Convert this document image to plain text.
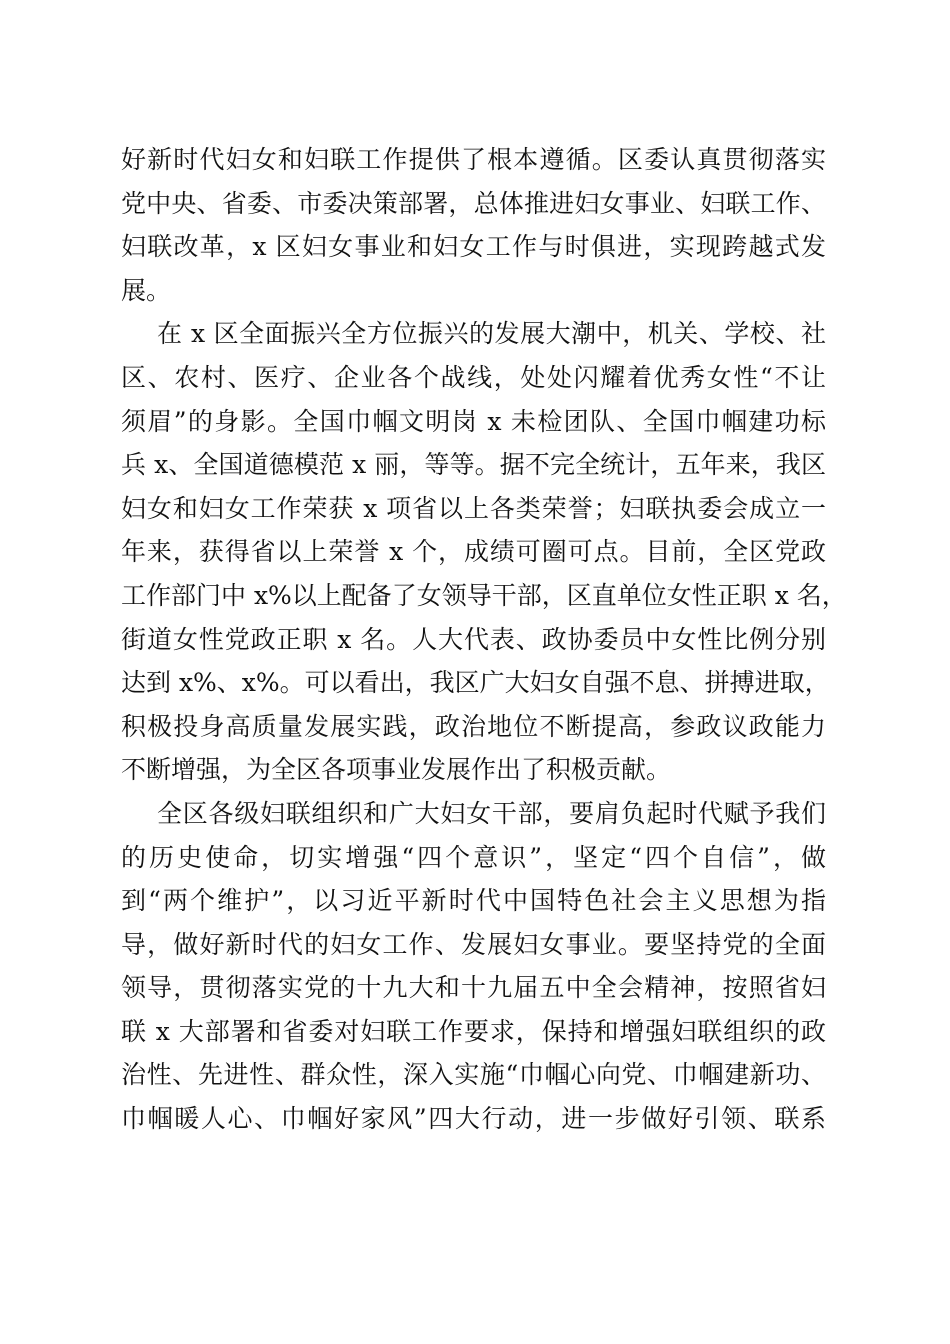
好新时代妇女和妇联工作提供了根本遵循。区委认真贯彻落实
党中央、省委、市委决策部署，总体推进妇女事业、妇联工作、
妇联改革，x 区妇女事业和妇女工作与时俱进，实现跨越式发
展。
在 x 区全面振兴全方位振兴的发展大潮中，机关、学校、社
区、农村、医疗、企业各个战线，处处闪耀着优秀女性“不让
须眉”的身影。全国巾帼文明岗 x 未检团队、全国巾帼建功标
兵 x、全国道德模范 x 丽，等等。据不完全统计，五年来，我区
妇女和妇女工作荣获 x 项省以上各类荣誉；妇联执委会成立一
年来，获得省以上荣誉 x 个，成绩可圈可点。目前，全区党政
工作部门中 x%以上配备了女领导干部，区直单位女性正职 x 名，
街道女性党政正职 x 名。人大代表、政协委员中女性比例分别
达到 x%、x%。可以看出，我区广大妇女自强不息、拼搏进取，
积极投身高质量发展实践，政治地位不断提高，参政议政能力
不断增强，为全区各项事业发展作出了积极贡献。
全区各级妇联组织和广大妇女干部，要肩负起时代赋予我们
的历史使命，切实增强“四个意识”，坚定“四个自信”，做
到“两个维护”，以习近平新时代中国特色社会主义思想为指
导，做好新时代的妇女工作、发展妇女事业。要坚持党的全面
领导，贯彻落实党的十九大和十九届五中全会精神，按照省妇
联 x 大部署和省委对妇联工作要求，保持和增强妇联组织的政
治性、先进性、群众性，深入实施“巾帼心向党、巾帼建新功、
巾帼暖人心、巾帼好家风”四大行动，进一步做好引领、联系
